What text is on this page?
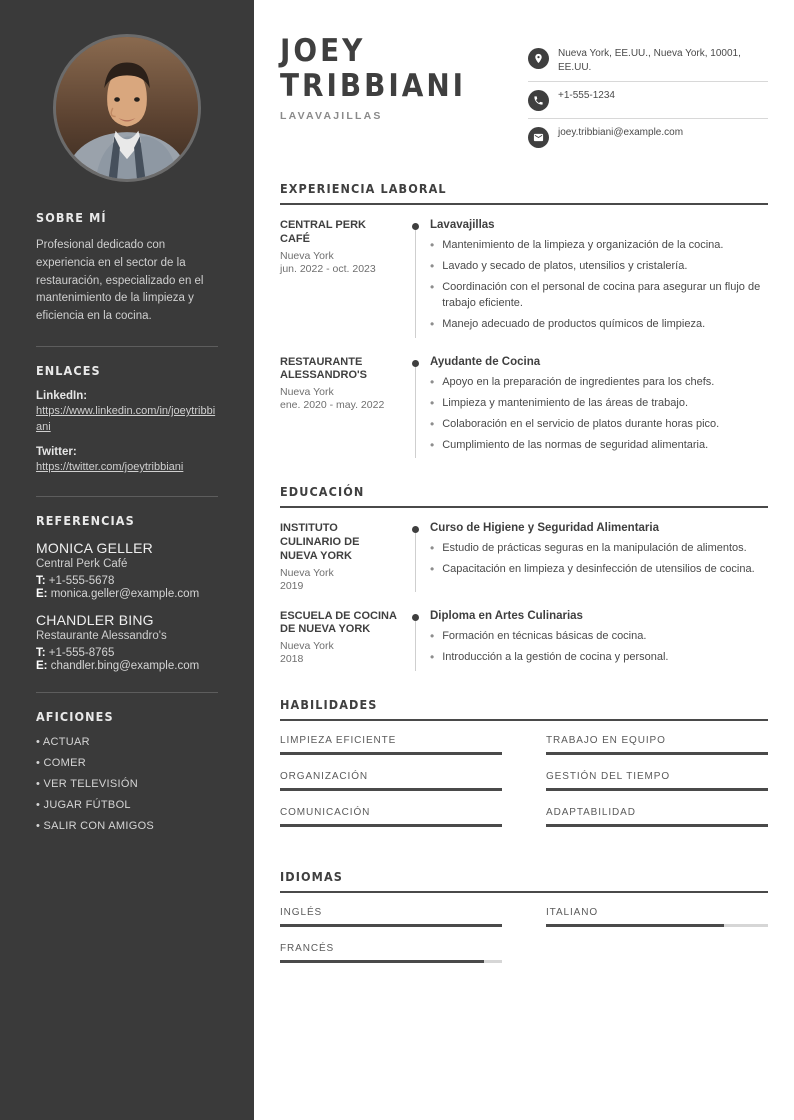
SOBRE MÍ

Profesional dedicado con experiencia en el sector de la restauración, especializado en el mantenimiento de la limpieza y eficiencia en la cocina.

ENLACES
LinkedIn:
https://www.linkedin.com/in/joeytribbiani
Twitter:
https://twitter.com/joeytribbiani
REFERENCIAS
MONICA GELLER
Central Perk Café
T: +1-555-5678
E: monica.geller@example.com
CHANDLER BING
Restaurante Alessandro's
T: +1-555-8765
E: chandler.bing@example.com
AFICIONES
• ACTUAR
• COMER
• VER TELEVISIÓN
• JUGAR FÚTBOL
• SALIR CON AMIGOS
JOEY
TRIBBIANI
LAVAVAJILLAS
Nueva York, EE.UU., Nueva York, 10001, EE.UU.
+1-555-1234
joey.tribbiani@example.com
EXPERIENCIA LABORAL
CENTRAL PERK CAFÉ
Nueva York
jun. 2022 - oct. 2023
Lavavajillas
• Mantenimiento de la limpieza y organización de la cocina.
• Lavado y secado de platos, utensilios y cristalería.
• Coordinación con el personal de cocina para asegurar un flujo de trabajo eficiente.
• Manejo adecuado de productos químicos de limpieza.
RESTAURANTE ALESSANDRO'S
Nueva York
ene. 2020 - may. 2022
Ayudante de Cocina
• Apoyo en la preparación de ingredientes para los chefs.
• Limpieza y mantenimiento de las áreas de trabajo.
• Colaboración en el servicio de platos durante horas pico.
• Cumplimiento de las normas de seguridad alimentaria.
EDUCACIÓN
INSTITUTO CULINARIO DE NUEVA YORK
Nueva York
2019
Curso de Higiene y Seguridad Alimentaria
• Estudio de prácticas seguras en la manipulación de alimentos.
• Capacitación en limpieza y desinfección de utensilios de cocina.
ESCUELA DE COCINA DE NUEVA YORK
Nueva York
2018
Diploma en Artes Culinarias
• Formación en técnicas básicas de cocina.
• Introducción a la gestión de cocina y personal.
HABILIDADES
LIMPIEZA EFICIENTE
ORGANIZACIÓN
COMUNICACIÓN
TRABAJO EN EQUIPO
GESTIÓN DEL TIEMPO
ADAPTABILIDAD
IDIOMAS
INGLÉS
FRANCÉS
ITALIANO
